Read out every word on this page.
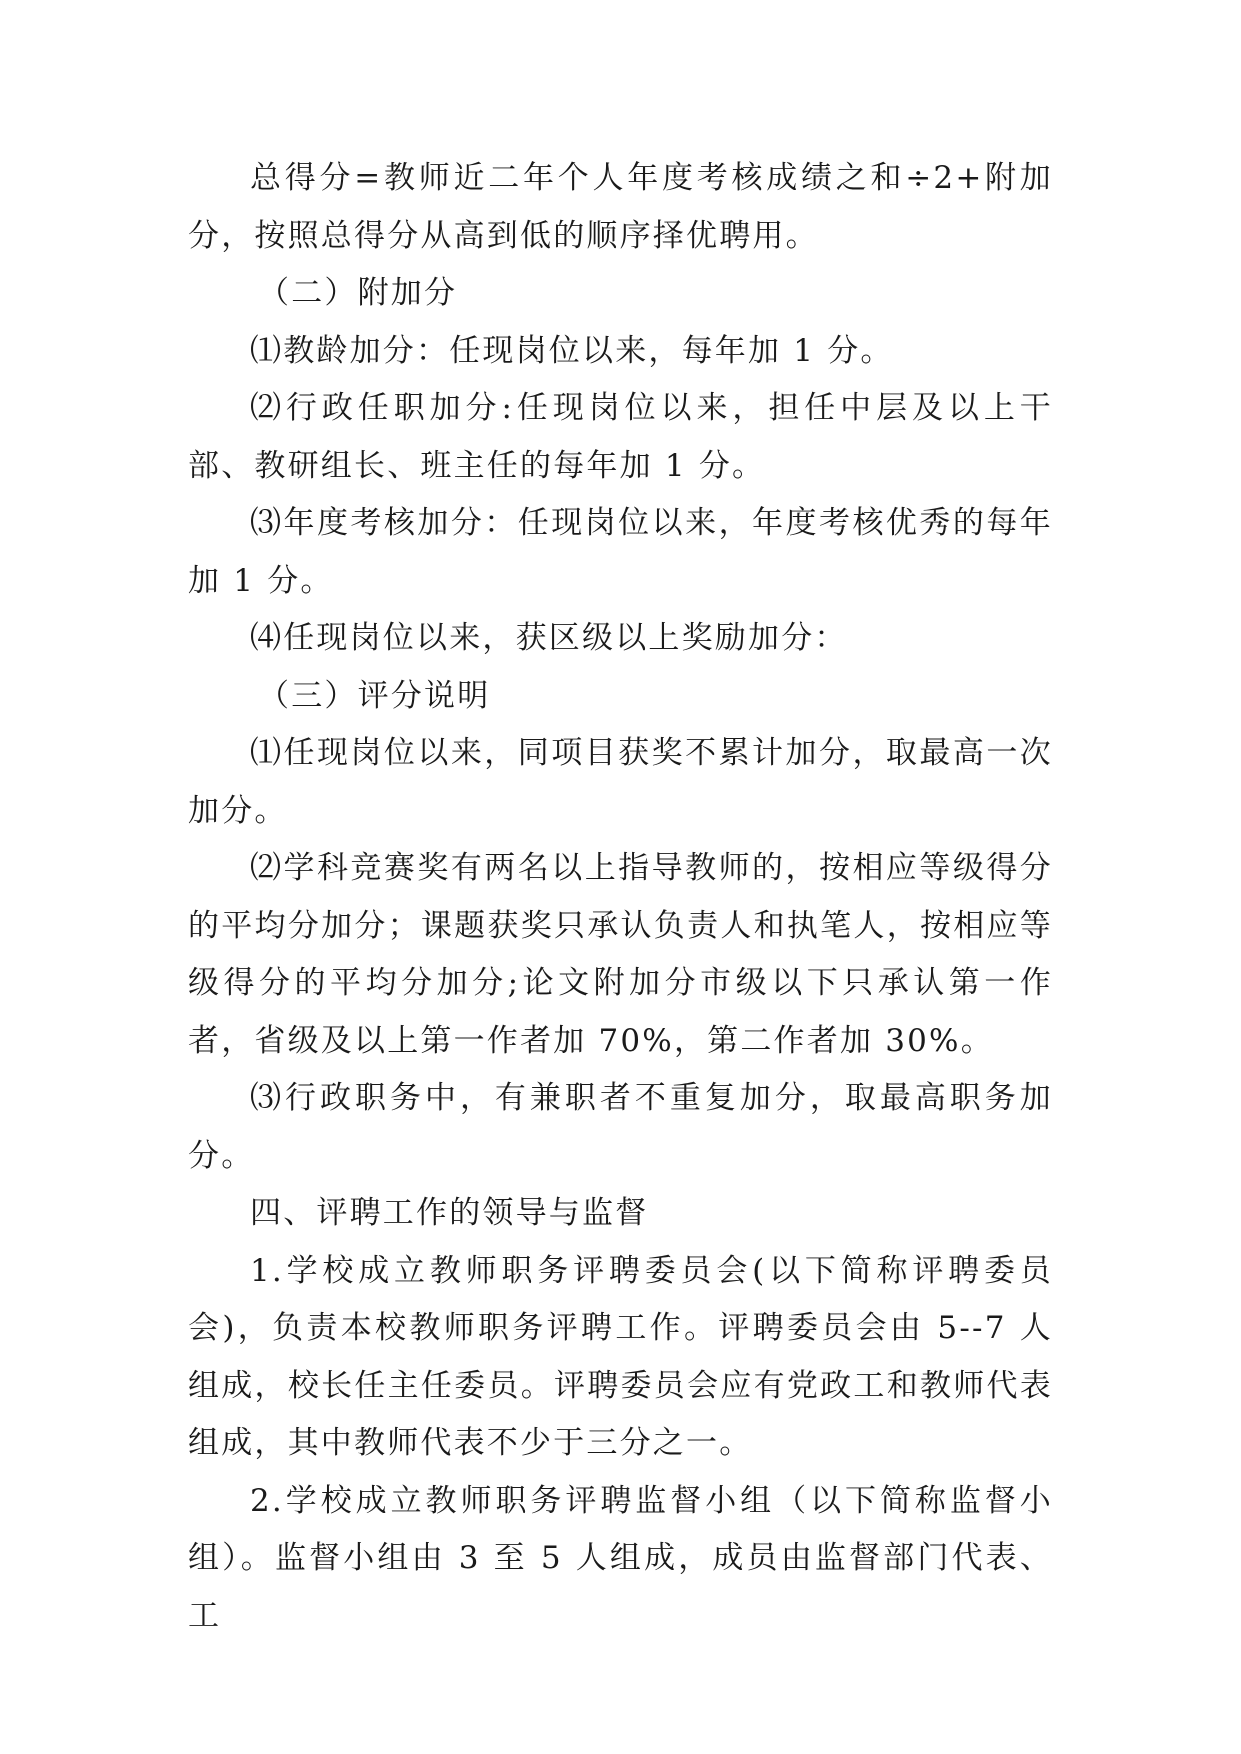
总得分=教师近二年个人年度考核成绩之和÷2+附加分，按照总得分从高到低的顺序择优聘用。

（二）附加分

⑴教龄加分：任现岗位以来，每年加 1 分。

⑵行政任职加分:任现岗位以来，担任中层及以上干部、教研组长、班主任的每年加 1 分。

⑶年度考核加分：任现岗位以来，年度考核优秀的每年加 1 分。

⑷任现岗位以来，获区级以上奖励加分：

（三）评分说明

⑴任现岗位以来，同项目获奖不累计加分，取最高一次加分。

⑵学科竞赛奖有两名以上指导教师的，按相应等级得分的平均分加分；课题获奖只承认负责人和执笔人，按相应等级得分的平均分加分;论文附加分市级以下只承认第一作者，省级及以上第一作者加 70%，第二作者加 30%。

⑶行政职务中，有兼职者不重复加分，取最高职务加分。

四、评聘工作的领导与监督

1.学校成立教师职务评聘委员会(以下简称评聘委员会)，负责本校教师职务评聘工作。评聘委员会由 5--7 人组成，校长任主任委员。评聘委员会应有党政工和教师代表组成，其中教师代表不少于三分之一。

2.学校成立教师职务评聘监督小组（以下简称监督小组）。监督小组由 3 至 5 人组成，成员由监督部门代表、工
